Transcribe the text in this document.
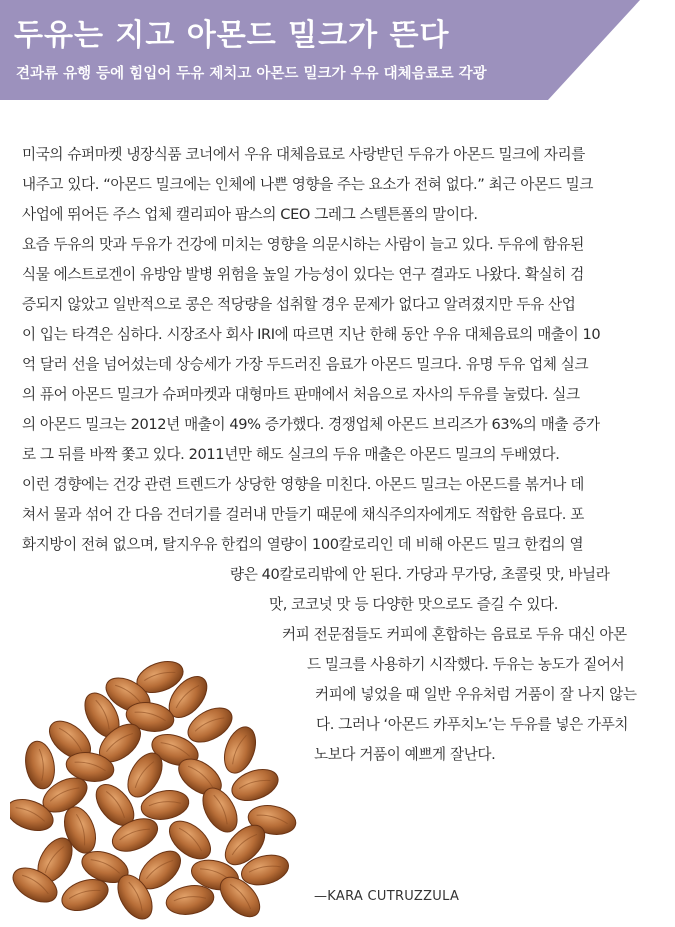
두유는 지고 아몬드 밀크가 뜬다
견과류 유행 등에 힘입어 두유 제치고 아몬드 밀크가 우유 대체음료로 각광
미국의 슈퍼마켓 냉장식품 코너에서 우유 대체음료로 사랑받던 두유가 아몬드 밀크에 자리를
내주고 있다. “아몬드 밀크에는 인체에 나쁜 영향을 주는 요소가 전혀 없다.” 최근 아몬드 밀크
사업에 뛰어든 주스 업체 캘리피아 팜스의 CEO 그레그 스텔튼폴의 말이다.
요즘 두유의 맛과 두유가 건강에 미치는 영향을 의문시하는 사람이 늘고 있다. 두유에 함유된
식물 에스트로겐이 유방암 발병 위험을 높일 가능성이 있다는 연구 결과도 나왔다. 확실히 검
증되지 않았고 일반적으로 콩은 적당량을 섭취할 경우 문제가 없다고 알려졌지만 두유 산업
이 입는 타격은 심하다. 시장조사 회사 IRI에 따르면 지난 한해 동안 우유 대체음료의 매출이 10
억 달러 선을 넘어섰는데 상승세가 가장 두드러진 음료가 아몬드 밀크다. 유명 두유 업체 실크
의 퓨어 아몬드 밀크가 슈퍼마켓과 대형마트 판매에서 처음으로 자사의 두유를 눌렀다. 실크
의 아몬드 밀크는 2012년 매출이 49% 증가했다. 경쟁업체 아몬드 브리즈가 63%의 매출 증가
로 그 뒤를 바짝 쫓고 있다. 2011년만 해도 실크의 두유 매출은 아몬드 밀크의 두배였다.
이런 경향에는 건강 관련 트렌드가 상당한 영향을 미친다. 아몬드 밀크는 아몬드를 볶거나 데
쳐서 물과 섞어 간 다음 건더기를 걸러내 만들기 때문에 채식주의자에게도 적합한 음료다. 포
화지방이 전혀 없으며, 탈지우유 한컵의 열량이 100칼로리인 데 비해 아몬드 밀크 한컵의 열
량은 40칼로리밖에 안 된다. 가당과 무가당, 초콜릿 맛, 바닐라
맛, 코코넛 맛 등 다양한 맛으로도 즐길 수 있다.
커피 전문점들도 커피에 혼합하는 음료로 두유 대신 아몬
드 밀크를 사용하기 시작했다. 두유는 농도가 짙어서
커피에 넣었을 때 일반 우유처럼 거품이 잘 나지 않는
다. 그러나 ‘아몬드 카푸치노’는 두유를 넣은 가푸치
노보다 거품이 예쁘게 잘난다.
—KARA CUTRUZZULA
